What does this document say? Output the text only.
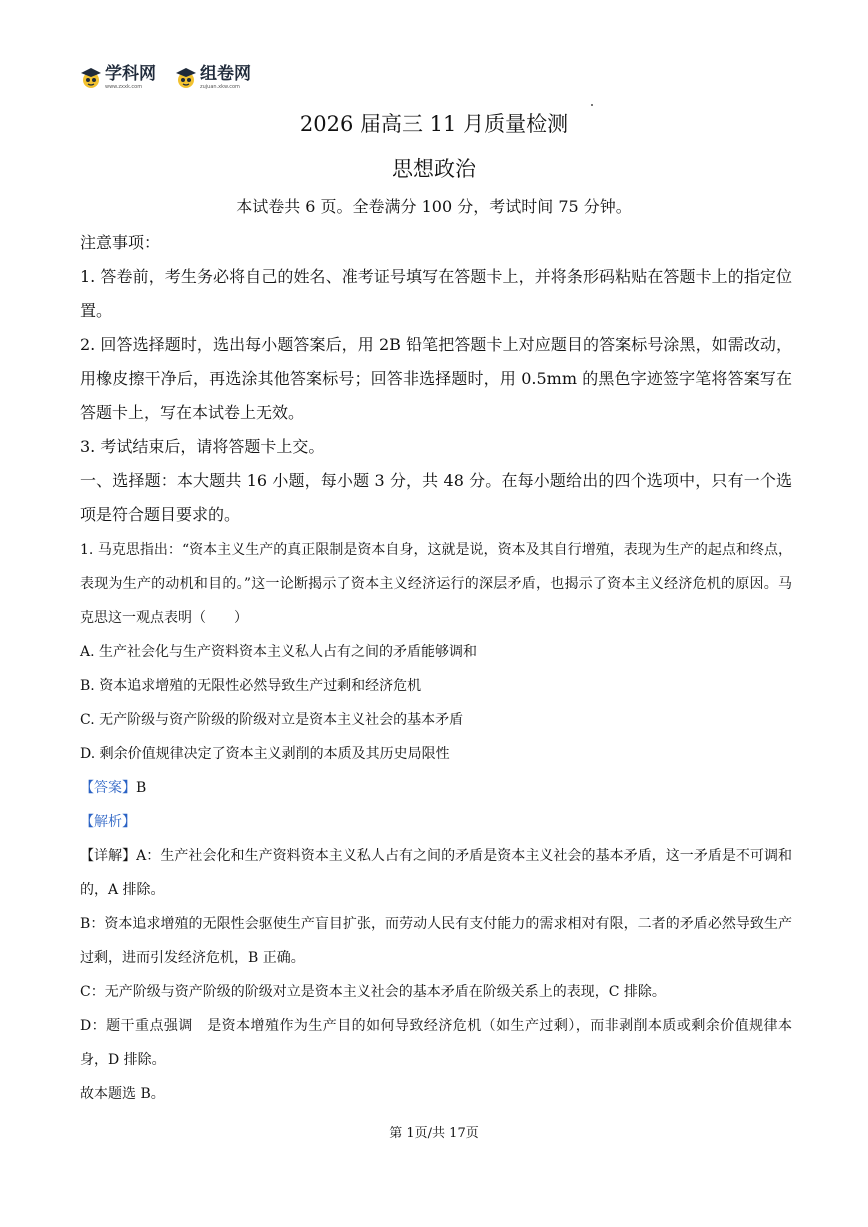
学科网
www.zxxk.com
组卷网
zujuan.xkw.com
2026 届高三 11 月质量检测
思想政治
本试卷共 6 页。全卷满分 100 分，考试时间 75 分钟。
注意事项：
1. 答卷前，考生务必将自己的姓名、准考证号填写在答题卡上，并将条形码粘贴在答题卡上的指定位置。
2. 回答选择题时，选出每小题答案后，用 2B 铅笔把答题卡上对应题目的答案标号涂黑，如需改动，用橡皮擦干净后，再选涂其他答案标号；回答非选择题时，用 0.5mm 的黑色字迹签字笔将答案写在答题卡上，写在本试卷上无效。
3. 考试结束后，请将答题卡上交。
一、选择题：本大题共 16 小题，每小题 3 分，共 48 分。在每小题给出的四个选项中，只有一个选项是符合题目要求的。
1. 马克思指出：“资本主义生产的真正限制是资本自身，这就是说，资本及其自行增殖，表现为生产的起点和终点，表现为生产的动机和目的。”这一论断揭示了资本主义经济运行的深层矛盾，也揭示了资本主义经济危机的原因。马克思这一观点表明（　　）
A. 生产社会化与生产资料资本主义私人占有之间的矛盾能够调和
B. 资本追求增殖的无限性必然导致生产过剩和经济危机
C. 无产阶级与资产阶级的阶级对立是资本主义社会的基本矛盾
D. 剩余价值规律决定了资本主义剥削的本质及其历史局限性
【答案】B
【解析】
【详解】A：生产社会化和生产资料资本主义私人占有之间的矛盾是资本主义社会的基本矛盾，这一矛盾是不可调和的，A 排除。
B：资本追求增殖的无限性会驱使生产盲目扩张，而劳动人民有支付能力的需求相对有限，二者的矛盾必然导致生产过剩，进而引发经济危机，B 正确。
C：无产阶级与资产阶级的阶级对立是资本主义社会的基本矛盾在阶级关系上的表现，C 排除。
D：题干重点强调　是资本增殖作为生产目的如何导致经济危机（如生产过剩），而非剥削本质或剩余价值规律本身，D 排除。
故本题选 B。
第 1页/共 17页
